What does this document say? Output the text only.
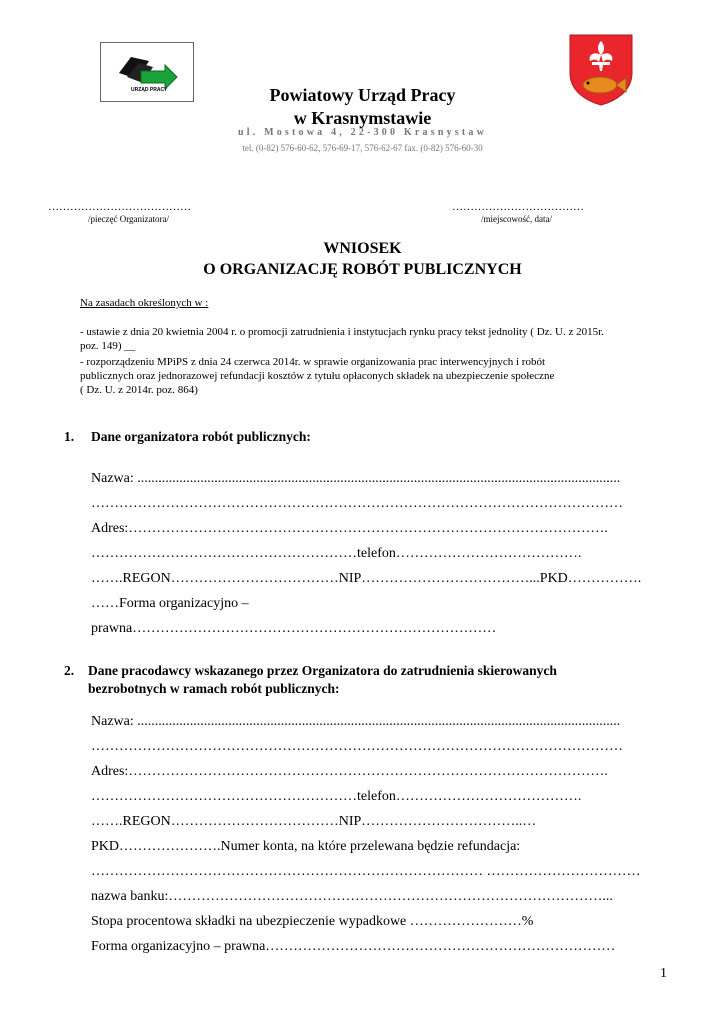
URZĄD PRACY	Powiatowy Urząd Pracy
w Krasnymstawie
ul. Mostowa 4, 22-300 Krasnystaw
tel. (0-82) 576-60-62, 576-69-17, 576-62-67 fax. (0-82) 576-60-30
…………………………………
/pieczęć Organizatora/
………………………………
/miejscowość, data/
WNIOSEK
O ORGANIZACJĘ ROBÓT PUBLICZNYCH
Na zasadach określonych w :
- ustawie z dnia 20 kwietnia 2004 r. o promocji zatrudnienia i instytucjach rynku pracy tekst jednolity ( Dz. U. z 2015r.
poz. 149) __
- rozporządzeniu MPiPS z dnia 24 czerwca 2014r. w sprawie organizowania prac interwencyjnych i robót
publicznych oraz jednorazowej refundacji kosztów z tytułu opłaconych składek na ubezpieczenie społeczne
( Dz. U. z 2014r. poz. 864)
1. Dane organizatora robót publicznych:
Nazwa: ..........................................................................................................................................
……………………………………………………………………………………………………
Adres:………………………………………………………………………………………….
…………………………………………………telefon………………………………….
…….REGON………………………………NIP………………………………...PKD…………….
……Forma organizacyjno –
prawna……………………………………………………………………
2. Dane pracodawcy wskazanego przez Organizatora do zatrudnienia skierowanych
bezrobotnych w ramach robót publicznych:
Nazwa: ..........................................................................................................................................
……………………………………………………………………………………………………
Adres:………………………………………………………………………………………….
…………………………………………………telefon………………………………….
…….REGON………………………………NIP……………………………..…
PKD………………….Numer konta, na które przelewana będzie refundacja:
………………………………………………………………………… ……………………………
nazwa banku:…………………………………………………………………………………...
Stopa procentowa składki na ubezpieczenie wypadkowe ……………………%
Forma organizacyjno – prawna…………………………………………………………………
1
